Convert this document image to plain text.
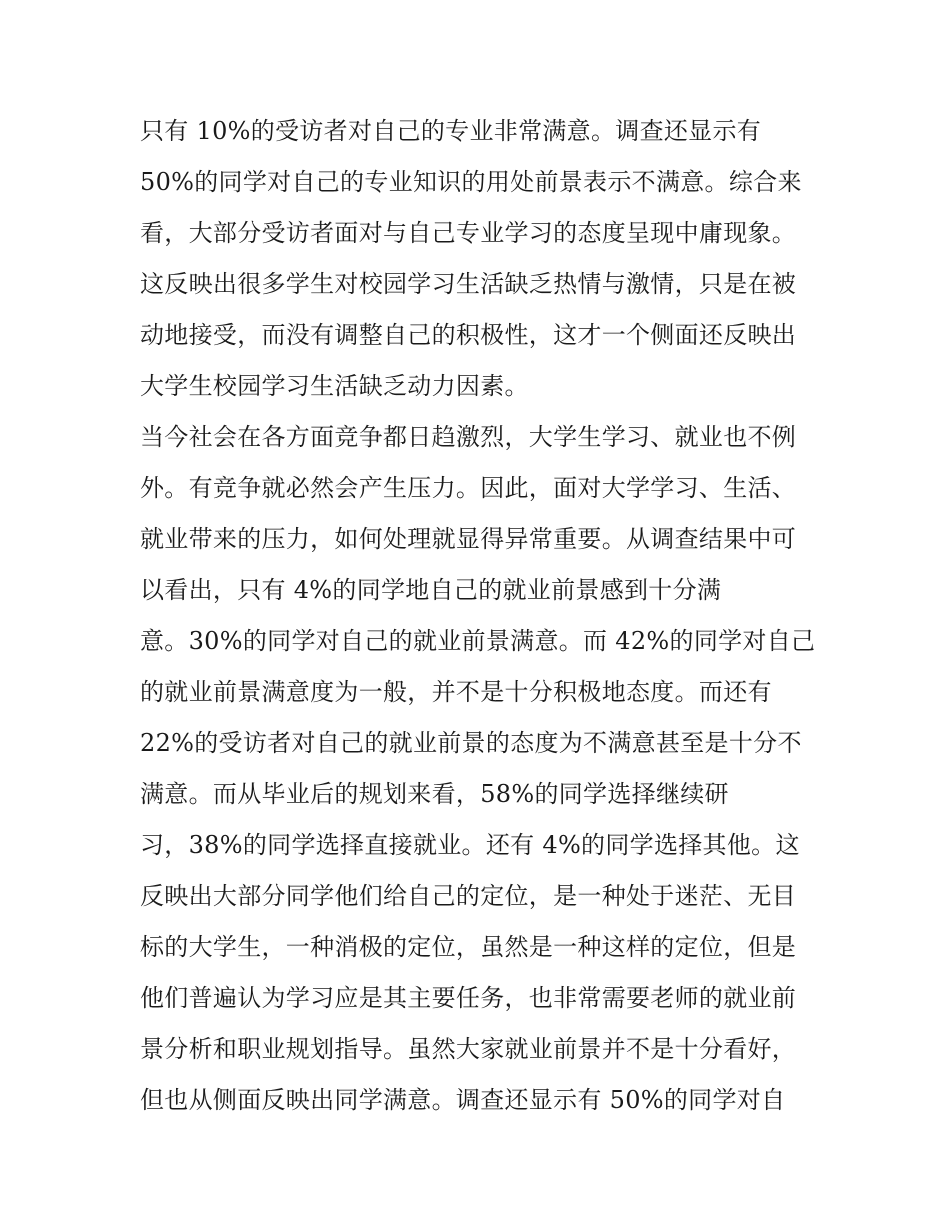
只有 10%的受访者对自己的专业非常满意。调查还显示有
50%的同学对自己的专业知识的用处前景表示不满意。综合来
看，大部分受访者面对与自己专业学习的态度呈现中庸现象。
这反映出很多学生对校园学习生活缺乏热情与激情，只是在被
动地接受，而没有调整自己的积极性，这才一个侧面还反映出
大学生校园学习生活缺乏动力因素。
当今社会在各方面竞争都日趋激烈，大学生学习、就业也不例
外。有竞争就必然会产生压力。因此，面对大学学习、生活、
就业带来的压力，如何处理就显得异常重要。从调查结果中可
以看出，只有 4%的同学地自己的就业前景感到十分满
意。30%的同学对自己的就业前景满意。而 42%的同学对自己
的就业前景满意度为一般，并不是十分积极地态度。而还有
22%的受访者对自己的就业前景的态度为不满意甚至是十分不
满意。而从毕业后的规划来看，58%的同学选择继续研
习，38%的同学选择直接就业。还有 4%的同学选择其他。这
反映出大部分同学他们给自己的定位，是一种处于迷茫、无目
标的大学生，一种消极的定位，虽然是一种这样的定位，但是
他们普遍认为学习应是其主要任务，也非常需要老师的就业前
景分析和职业规划指导。虽然大家就业前景并不是十分看好，
但也从侧面反映出同学满意。调查还显示有 50%的同学对自
